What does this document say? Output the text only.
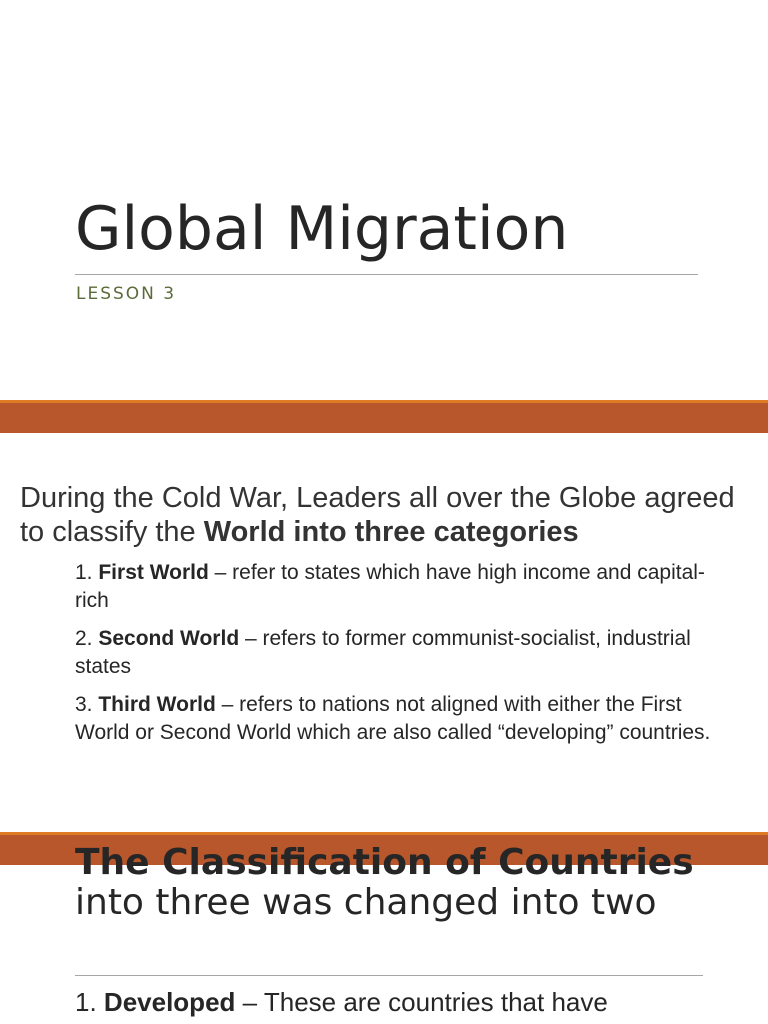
Global Migration
LESSON 3
During the Cold War, Leaders all over the Globe agreed to classify the World into three categories
1. First World – refer to states which have high income and capital-rich
2. Second World – refers to former communist-socialist, industrial states
3. Third World – refers to nations not aligned with either the First World or Second World which are also called “developing” countries.
The Classification of Countries into three was changed into two
1. Developed – These are countries that have
